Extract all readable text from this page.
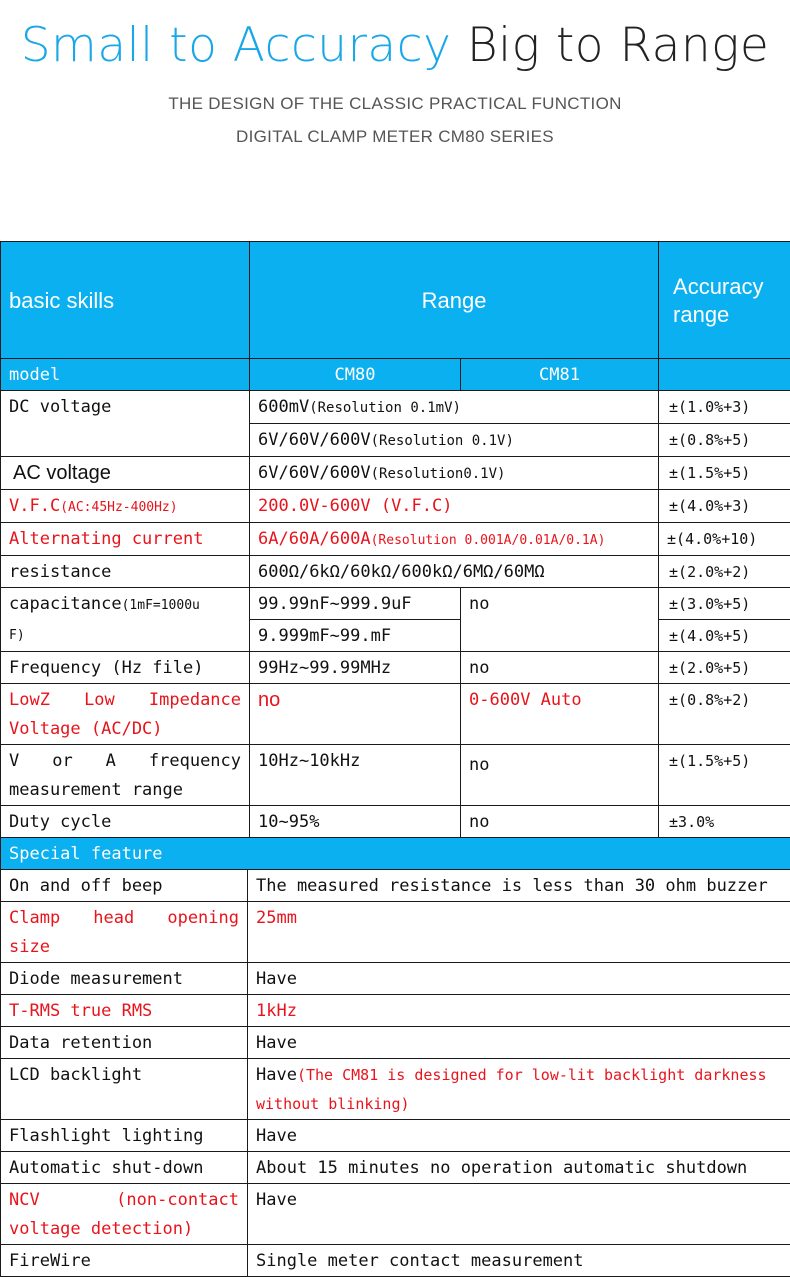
Small to Accuracy Big to Range
THE DESIGN OF THE CLASSIC PRACTICAL FUNCTION
DIGITAL CLAMP METER CM80 SERIES
basic skills		Range		Accuracy range
model		CM80	CM81	
DC voltage		600mV(Resolution 0.1mV)		±(1.0%+3)
		6V/60V/600V(Resolution 0.1V)		±(0.8%+5)
AC voltage		6V/60V/600V(Resolution0.1V)		±(1.5%+5)
V.F.C(AC:45Hz-400Hz)		200.0V-600V (V.F.C)		±(4.0%+3)
Alternating current		6A/60A/600A(Resolution 0.001A/0.01A/0.1A)		±(4.0%+10)
resistance		600Ω/6kΩ/60kΩ/600kΩ/6MΩ/60MΩ		±(2.0%+2)
capacitance(1mF=1000u
F)		99.99nF~999.9uF	no	±(3.0%+5)
		9.999mF~99.mF		±(4.0%+5)
Frequency (Hz file)		99Hz~99.99MHz	no	±(2.0%+5)

LowZ Low Impedance
Voltage (AC/DC)		no	0-600V Auto	±(0.8%+2)

V or A frequency
measurement range		10Hz~10kHz	no	±(1.5%+5)
Duty cycle		10~95%	no	±3.0%
Special feature				
On and off beep	The measured resistance is less than 30 ohm buzzer			

Clamp head opening
size	25mm			
Diode measurement	Have			
T-RMS true RMS	1kHz			
Data retention	Have			
LCD backlight	Have(The CM81 is designed for low-lit backlight darkness without blinking)			
Flashlight lighting	Have			
Automatic shut-down	About 15 minutes no operation automatic shutdown			

NCV (non-contact
voltage detection)	Have			
FireWire	Single meter contact measurement			
